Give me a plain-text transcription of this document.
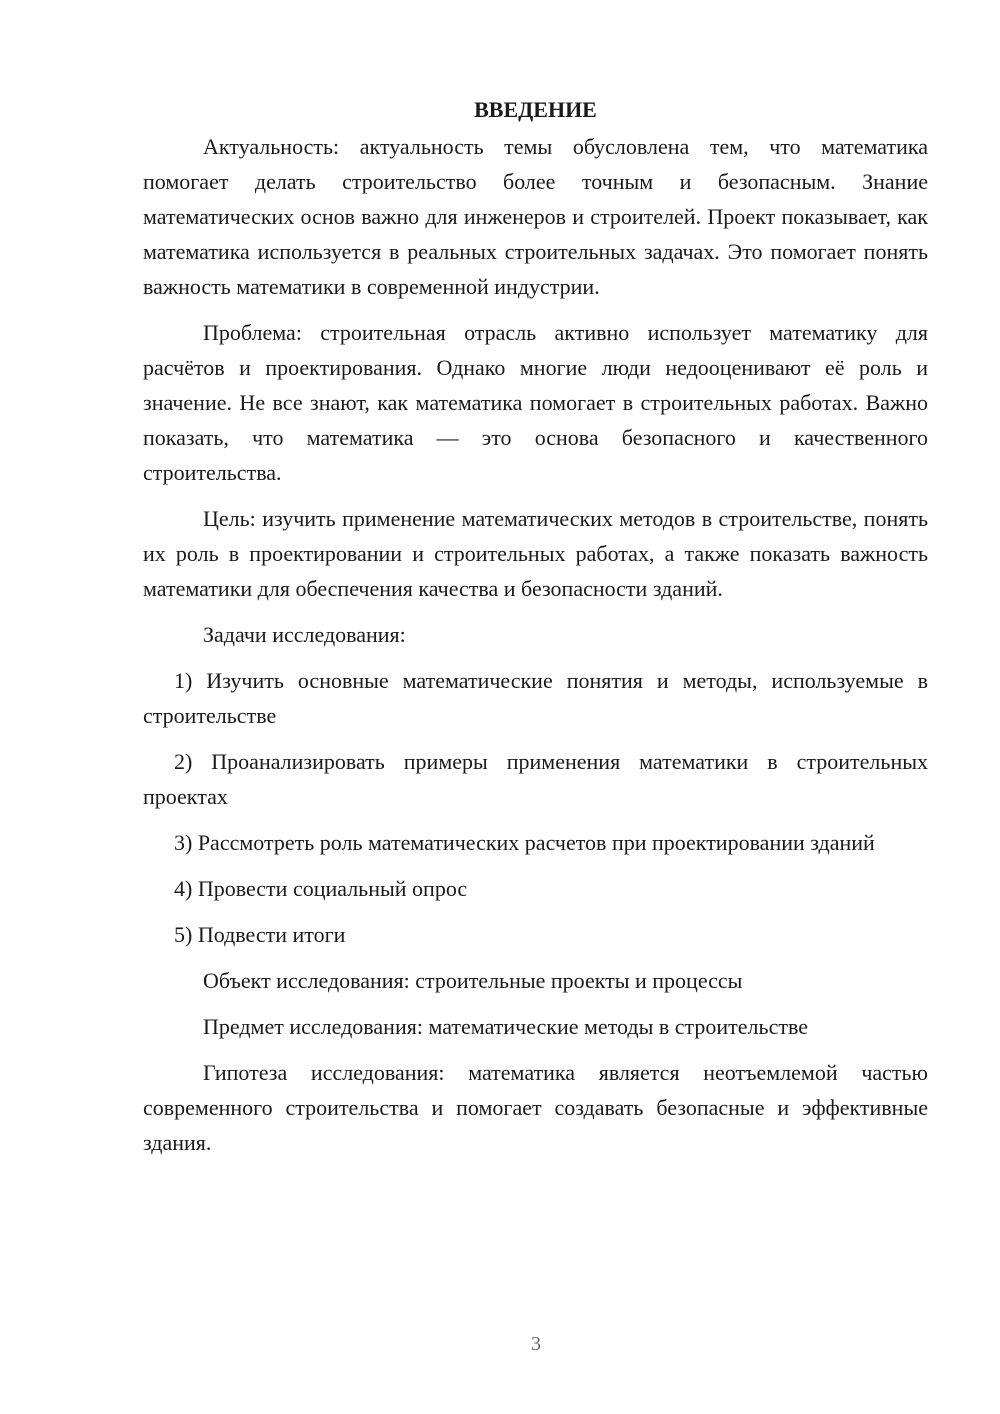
ВВЕДЕНИЕ

Актуальность: актуальность темы обусловлена тем, что математика помогает делать строительство более точным и безопасным. Знание математических основ важно для инженеров и строителей. Проект показывает, как математика используется в реальных строительных задачах. Это помогает понять важность математики в современной индустрии.

Проблема: строительная отрасль активно использует математику для расчётов и проектирования. Однако многие люди недооценивают её роль и значение. Не все знают, как математика помогает в строительных работах. Важно показать, что математика — это основа безопасного и качественного строительства.

Цель: изучить применение математических методов в строительстве, понять их роль в проектировании и строительных работах, а также показать важность математики для обеспечения качества и безопасности зданий.

Задачи исследования:

1) Изучить основные математические понятия и методы, используемые в строительстве

2) Проанализировать примеры применения математики в строительных проектах

3) Рассмотреть роль математических расчетов при проектировании зданий

4) Провести социальный опрос

5) Подвести итоги

Объект исследования: строительные проекты и процессы

Предмет исследования: математические методы в строительстве

Гипотеза исследования: математика является неотъемлемой частью современного строительства и помогает создавать безопасные и эффективные здания.

3
